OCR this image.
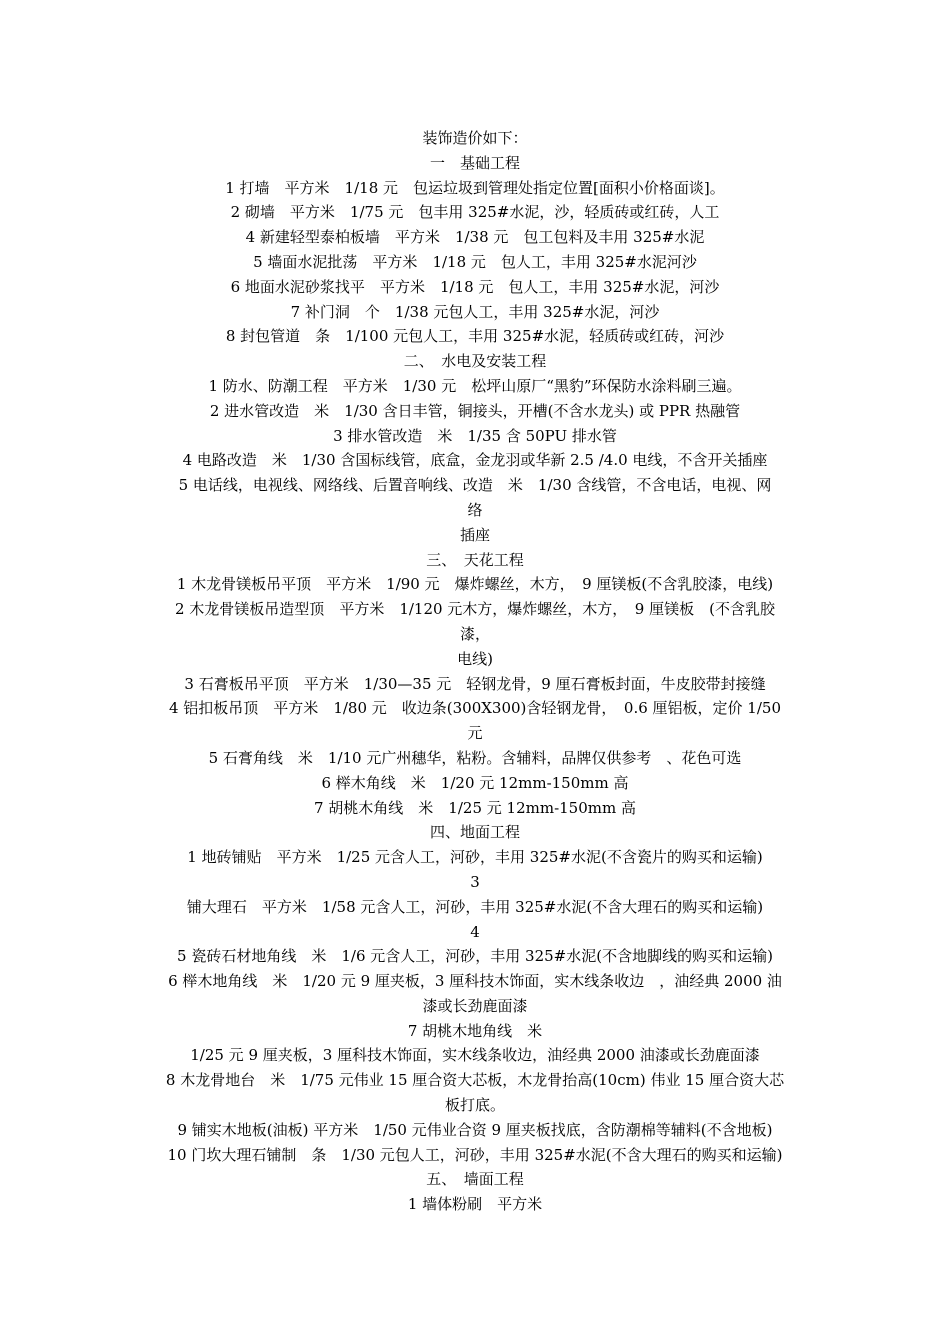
装饰造价如下：
一　基础工程
1 打墙　平方米　1/18 元　包运垃圾到管理处指定位置[面积小价格面谈]。
2 砌墙　平方米　1/75 元　包丰用 325#水泥，沙，轻质砖或红砖，人工
4 新建轻型泰柏板墙　平方米　1/38 元　包工包料及丰用 325#水泥
5 墙面水泥批荡　平方米　1/18 元　包人工，丰用 325#水泥河沙
6 地面水泥砂浆找平　平方米　1/18 元　包人工，丰用 325#水泥，河沙
7 补门洞　个　1/38 元包人工，丰用 325#水泥，河沙
8 封包管道　条　1/100 元包人工，丰用 325#水泥，轻质砖或红砖，河沙
二、　水电及安装工程
1 防水、防潮工程　平方米　1/30 元　松坪山原厂“黑豹”环保防水涂料刷三遍。
2 进水管改造　米　1/30 含日丰管，铜接头，开槽(不含水龙头) 或 PPR 热融管
3 排水管改造　米　1/35 含 50PU 排水管
4 电路改造　米　1/30 含国标线管，底盒，金龙羽或华新 2.5 /4.0 电线，不含开关插座
5 电话线，电视线、网络线、后置音响线、改造　米　1/30 含线管，不含电话，电视、网
络
插座
三、　天花工程
1 木龙骨镁板吊平顶　平方米　1/90 元　爆炸螺丝，木方，　9 厘镁板(不含乳胶漆，电线)
2 木龙骨镁板吊造型顶　平方米　1/120 元木方，爆炸螺丝，木方，　9 厘镁板　(不含乳胶
漆，
电线)
3 石膏板吊平顶　平方米　1/30—35 元　轻钢龙骨，9 厘石膏板封面，牛皮胶带封接缝
4 铝扣板吊顶　平方米　1/80 元　收边条(300X300)含轻钢龙骨，　0.6 厘铝板，定价 1/50
元
5 石膏角线　米　1/10 元广州穗华，粘粉。含辅料，品牌仅供参考　、花色可选
6 榉木角线　米　1/20 元 12mm-150mm 高
7 胡桃木角线　米　1/25 元 12mm-150mm 高
四、地面工程
1 地砖铺贴　平方米　1/25 元含人工，河砂，丰用 325#水泥(不含瓷片的购买和运输)
3
铺大理石　平方米　1/58 元含人工，河砂，丰用 325#水泥(不含大理石的购买和运输)
4
5 瓷砖石材地角线　米　1/6 元含人工，河砂，丰用 325#水泥(不含地脚线的购买和运输)
6 榉木地角线　米　1/20 元 9 厘夹板，3 厘科技木饰面，实木线条收边　，油经典 2000 油
漆或长劲鹿面漆
7 胡桃木地角线　米
1/25 元 9 厘夹板，3 厘科技木饰面，实木线条收边，油经典 2000 油漆或长劲鹿面漆
8 木龙骨地台　米　1/75 元伟业 15 厘合资大芯板，木龙骨抬高(10cm) 伟业 15 厘合资大芯
板打底。
9 铺实木地板(油板) 平方米　1/50 元伟业合资 9 厘夹板找底，含防潮棉等辅料(不含地板)
10 门坎大理石铺制　条　1/30 元包人工，河砂，丰用 325#水泥(不含大理石的购买和运输)
五、　墙面工程
1 墙体粉刷　平方米
